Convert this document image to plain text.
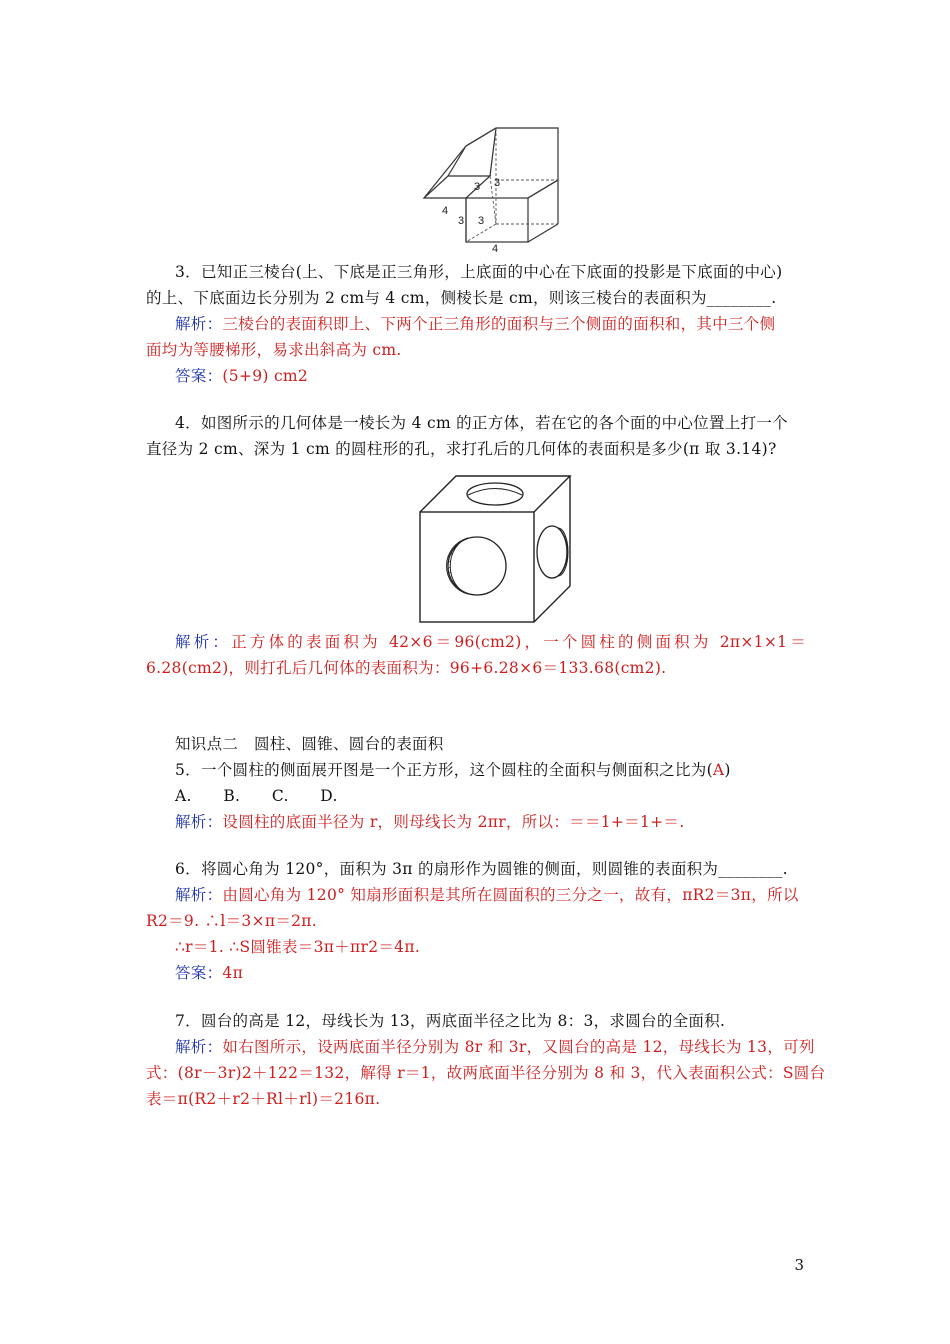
3 3
4
3 3
4
3．已知正三棱台(上、下底是正三角形，上底面的中心在下底面的投影是下底面的中心)
的上、下底面边长分别为 2 cm与 4 cm，侧棱长是 cm，则该三棱台的表面积为________.
解析：三棱台的表面积即上、下两个正三角形的面积与三个侧面的面积和，其中三个侧
面均为等腰梯形，易求出斜高为 cm.
答案：(5+9) cm2
4．如图所示的几何体是一棱长为 4 cm 的正方体，若在它的各个面的中心位置上打一个
直径为 2 cm、深为 1 cm 的圆柱形的孔，求打孔后的几何体的表面积是多少(π 取 3.14)?
解析：正方体的表面积为 42×6＝96(cm2)，一个圆柱的侧面积为 2π×1×1＝
6.28(cm2)，则打孔后几何体的表面积为：96+6.28×6＝133.68(cm2).
知识点二　圆柱、圆锥、圆台的表面积
5．一个圆柱的侧面展开图是一个正方形，这个圆柱的全面积与侧面积之比为(A)
A.　　B.　　C.　　D.
解析：设圆柱的底面半径为 r，则母线长为 2πr，所以：＝＝1+＝1+＝.
6．将圆心角为 120°，面积为 3π 的扇形作为圆锥的侧面，则圆锥的表面积为________.
解析：由圆心角为 120° 知扇形面积是其所在圆面积的三分之一，故有，πR2＝3π，所以
R2＝9. ∴l＝3×π＝2π.
∴r＝1. ∴S圆锥表＝3π＋πr2＝4π.
答案：4π
7．圆台的高是 12，母线长为 13，两底面半径之比为 8：3，求圆台的全面积.
解析：如右图所示，设两底面半径分别为 8r 和 3r，又圆台的高是 12，母线长为 13，可列
式：(8r－3r)2＋122＝132，解得 r＝1，故两底面半径分别为 8 和 3，代入表面积公式：S圆台
表＝π(R2＋r2＋Rl＋rl)＝216π.
3
